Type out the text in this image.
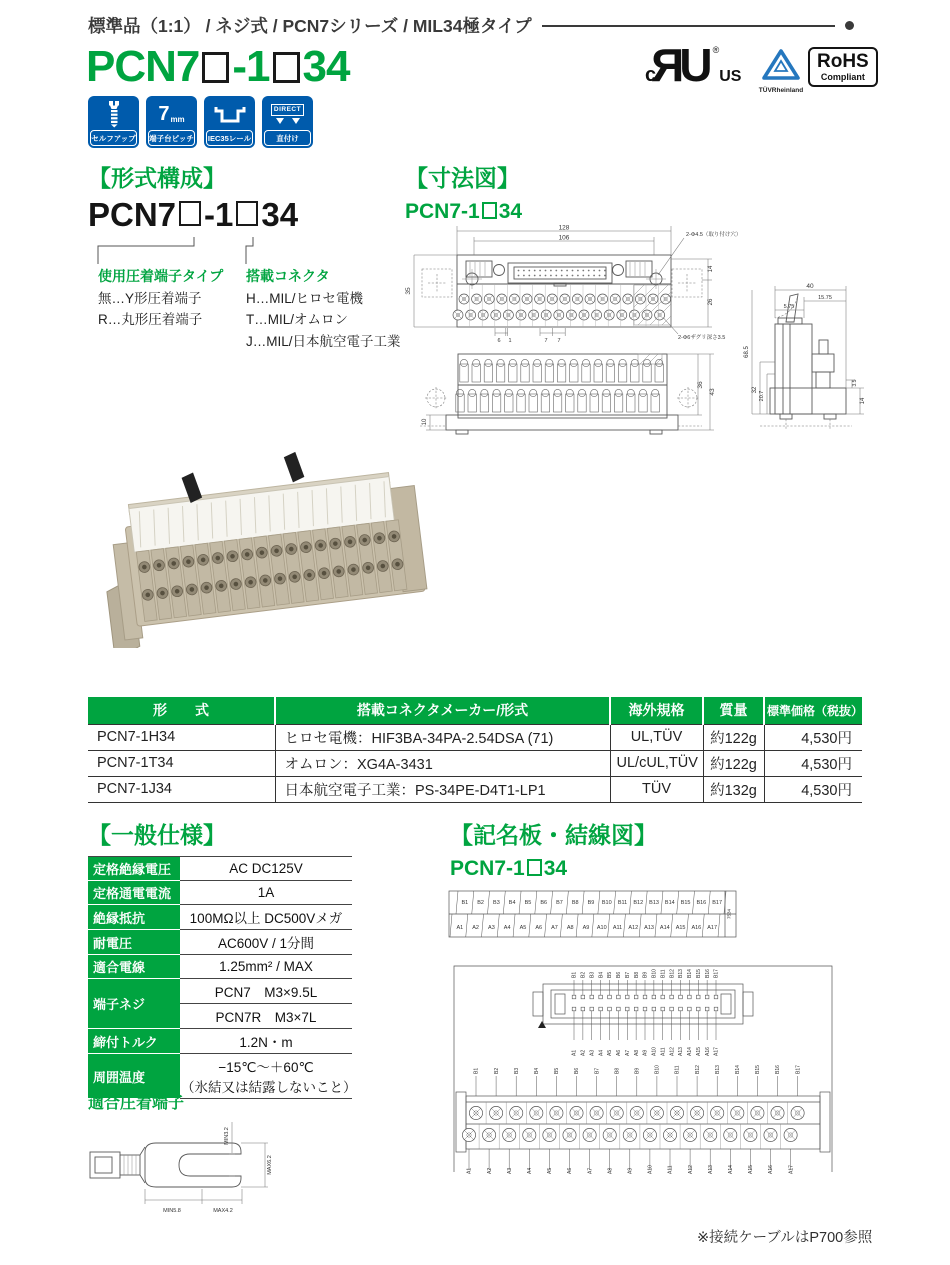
標準品（1:1） / ネジ式 / PCN7シリーズ / MIL34極タイプ
PCN7 -1 34	c UR ®
US
TÜVRheinland
RoHS
Compliant
セルフアップ
7 mm
端子台ピッチ IEC35レール
DIRECT
直付け
【形式構成】
PCN7 -1 34
使用圧着端子タイプ
無…Y形圧着端子
R…丸形圧着端子
搭載コネクタ
H…MIL/ヒロセ電機
T…MIL/オムロン
J…MIL/日本航空電子工業
【寸法図】
PCN7-1 34
128
106
35
14
26
2-Φ4.5（取り付け穴）
2-Φ6ザグリ深さ3.5
6 1	7 7
36
43
10
40
15.75
5.75
68.5
32
20.7
3.5
14
形　　式	搭載コネクタメーカー/形式	海外規格	質量	標準価格（税抜）
PCN7-1H34	ヒロセ電機：HIF3BA-34PA-2.54DSA (71)	UL,TÜV	約122g	4,530円
PCN7-1T34	オムロン：XG4A-3431	UL/cUL,TÜV	約122g	4,530円
PCN7-1J34	日本航空電子工業：PS-34PE-D4T1-LP1	TÜV	約132g	4,530円
【一般仕様】
定格絶縁電圧	AC DC125V

定格通電電流	1A

絶縁抵抗	100MΩ以上 DC500Vメガ

耐電圧	AC600V / 1分間

適合電線	1.25mm² / MAX

端子ネジ	PCN7　M3×9.5L
	PCN7R　M3×7L
締付トルク	1.2N・m

周囲温度	−15℃〜＋60℃
（氷結又は結露しないこと）
【記名板・結線図】
PCN7-1 34
7534
B1
A1
B2
A2
B3
A3
B4
A4
B5
A5
B6
A6
B7
A7
B8
A8
B9
A9
B10
A10
B11
A11
B12
A12
B13
A13
B14
A14
B15
A15
B16
A16
B17
A17
B1
A1
B2
A2
B3
A3
B4
A4
B5
A5
B6
A6
B7
A7
B8
A8
B9
A9
B10
A10
B11
A11
B12
A12
B13
A13
B14
A14
B15
A15
B16
A16
B17
A17
B1
A1
B2
A2
B3
A3
B4
A4
B5
A5
B6
A6
B7
A7
B8
A8
B9
A9
B10
A10
B11
A11
B12
A12
B13
A13
B14
A14
B15
A15
B16
A16
B17
A17
適合圧着端子
MIN3.2
MAX6.2
MIN5.8	MAX4.2
※接続ケーブルはP700参照
